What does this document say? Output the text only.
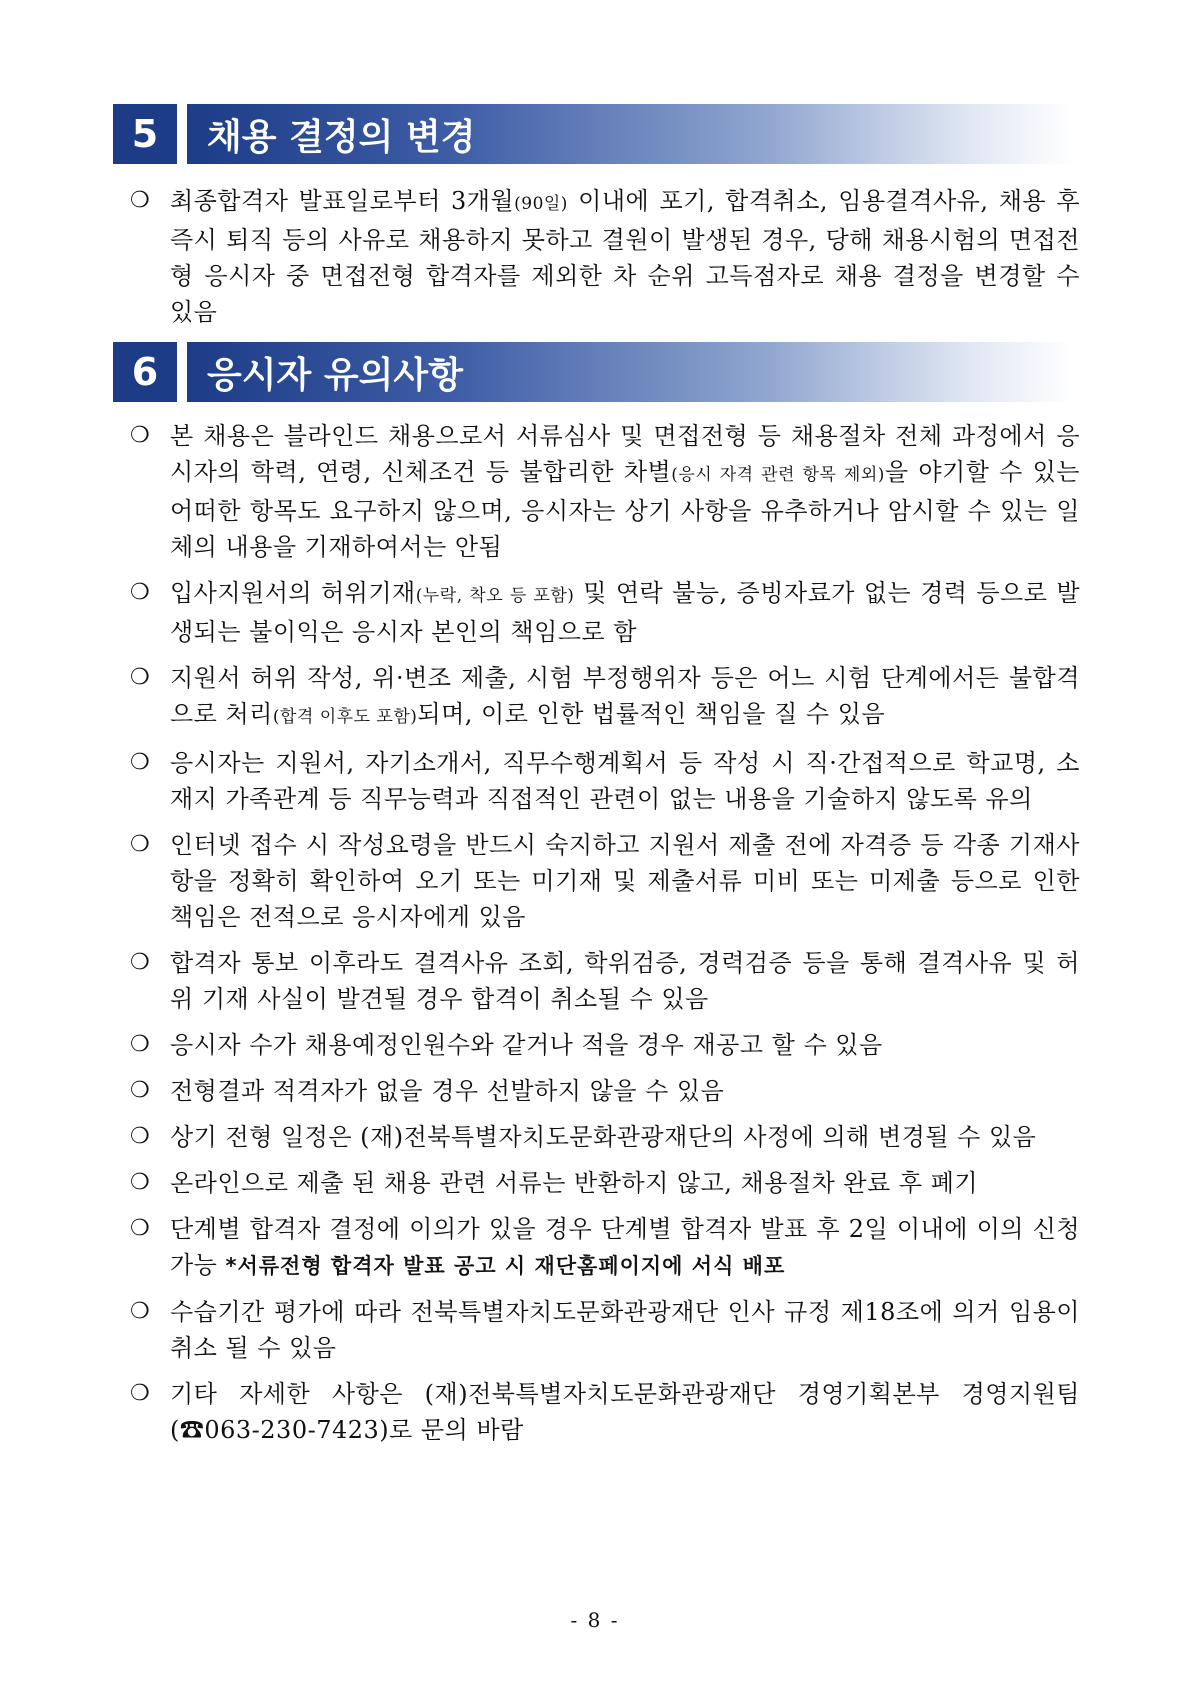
5	채용 결정의 변경
❍ 최종합격자 발표일로부터 3개월(90일) 이내에 포기, 합격취소, 임용결격사유, 채용 후 즉시 퇴직 등의 사유로 채용하지 못하고 결원이 발생된 경우, 당해 채용시험의 면접전형 응시자 중 면접전형 합격자를 제외한 차 순위 고득점자로 채용 결정을 변경할 수 있음
6	응시자 유의사항
❍ 본 채용은 블라인드 채용으로서 서류심사 및 면접전형 등 채용절차 전체 과정에서 응시자의 학력, 연령, 신체조건 등 불합리한 차별(응시 자격 관련 항목 제외)을 야기할 수 있는 어떠한 항목도 요구하지 않으며, 응시자는 상기 사항을 유추하거나 암시할 수 있는 일체의 내용을 기재하여서는 안됨
❍ 입사지원서의 허위기재(누락, 착오 등 포함) 및 연락 불능, 증빙자료가 없는 경력 등으로 발생되는 불이익은 응시자 본인의 책임으로 함
❍ 지원서 허위 작성, 위·변조 제출, 시험 부정행위자 등은 어느 시험 단계에서든 불합격으로 처리(합격 이후도 포함)되며, 이로 인한 법률적인 책임을 질 수 있음
❍ 응시자는 지원서, 자기소개서, 직무수행계획서 등 작성 시 직·간접적으로 학교명, 소재지 가족관계 등 직무능력과 직접적인 관련이 없는 내용을 기술하지 않도록 유의
❍ 인터넷 접수 시 작성요령을 반드시 숙지하고 지원서 제출 전에 자격증 등 각종 기재사항을 정확히 확인하여 오기 또는 미기재 및 제출서류 미비 또는 미제출 등으로 인한 책임은 전적으로 응시자에게 있음
❍ 합격자 통보 이후라도 결격사유 조회, 학위검증, 경력검증 등을 통해 결격사유 및 허위 기재 사실이 발견될 경우 합격이 취소될 수 있음
❍ 응시자 수가 채용예정인원수와 같거나 적을 경우 재공고 할 수 있음
❍ 전형결과 적격자가 없을 경우 선발하지 않을 수 있음
❍ 상기 전형 일정은 (재)전북특별자치도문화관광재단의 사정에 의해 변경될 수 있음
❍ 온라인으로 제출 된 채용 관련 서류는 반환하지 않고, 채용절차 완료 후 폐기
❍ 단계별 합격자 결정에 이의가 있을 경우 단계별 합격자 발표 후 2일 이내에 이의 신청가능 *서류전형 합격자 발표 공고 시 재단홈페이지에 서식 배포
❍ 수습기간 평가에 따라 전북특별자치도문화관광재단 인사 규정 제18조에 의거 임용이 취소 될 수 있음
❍ 기타 자세한 사항은 (재)전북특별자치도문화관광재단 경영기획본부 경영지원팀 (☎063-230-7423)로 문의 바람
- 8 -
